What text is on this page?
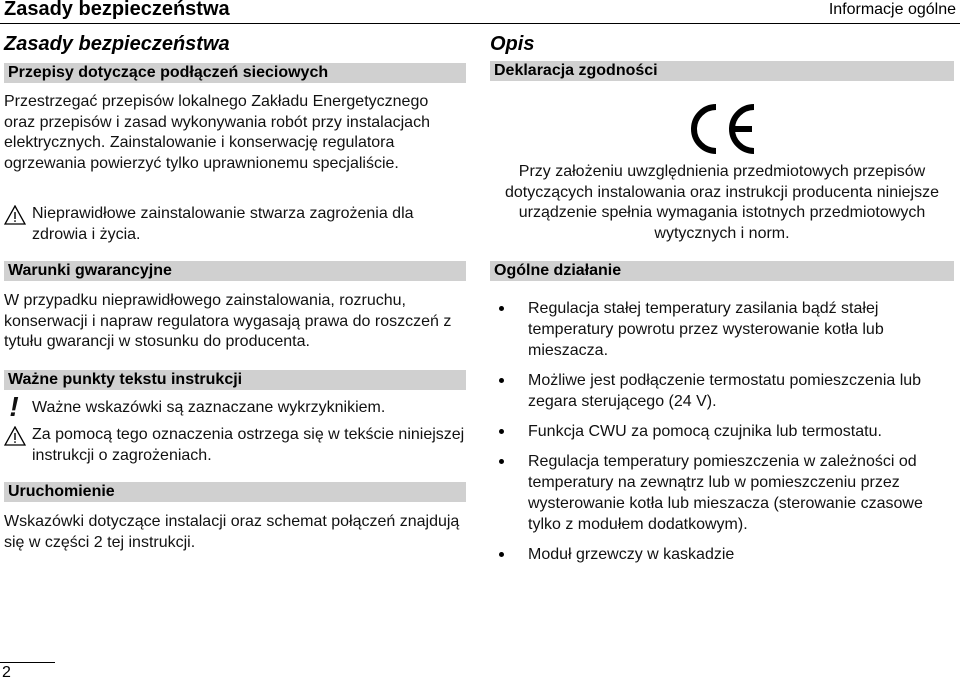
Zasady bezpieczeństwa	Informacje ogólne
Zasady bezpieczeństwa
Przepisy dotyczące podłączeń sieciowych
Przestrzegać przepisów lokalnego Zakładu Energetycznego oraz przepisów i zasad wykonywania robót przy instalacjach elektrycznych. Zainstalowanie i konserwację regulatora ogrzewania powierzyć tylko uprawnionemu specjaliście.
Nieprawidłowe zainstalowanie stwarza zagrożenia dla zdrowia i życia.
Warunki gwarancyjne
W przypadku nieprawidłowego zainstalowania, rozruchu, konserwacji i napraw regulatora wygasają prawa do roszczeń z tytułu gwarancji w stosunku do producenta.
Ważne punkty tekstu instrukcji
! Ważne wskazówki są zaznaczane wykrzyknikiem.
Za pomocą tego oznaczenia ostrzega się w tekście niniejszej instrukcji o zagrożeniach.
Uruchomienie
Wskazówki dotyczące instalacji oraz schemat połączeń znajdują się w części 2 tej instrukcji.
Opis
Deklaracja zgodności
Przy założeniu uwzględnienia przedmiotowych przepisów dotyczących instalowania oraz instrukcji producenta niniejsze urządzenie spełnia wymagania istotnych przedmiotowych wytycznych i norm.
Ogólne działanie
Regulacja stałej temperatury zasilania bądź stałej temperatury powrotu przez wysterowanie kotła lub mieszacza.
Możliwe jest podłączenie termostatu pomieszczenia lub zegara sterującego (24 V).
Funkcja CWU za pomocą czujnika lub termostatu.
Regulacja temperatury pomieszczenia w zależności od temperatury na zewnątrz lub w pomieszczeniu przez wysterowanie kotła lub mieszacza (sterowanie czasowe tylko z modułem dodatkowym).
Moduł grzewczy w kaskadzie
2
